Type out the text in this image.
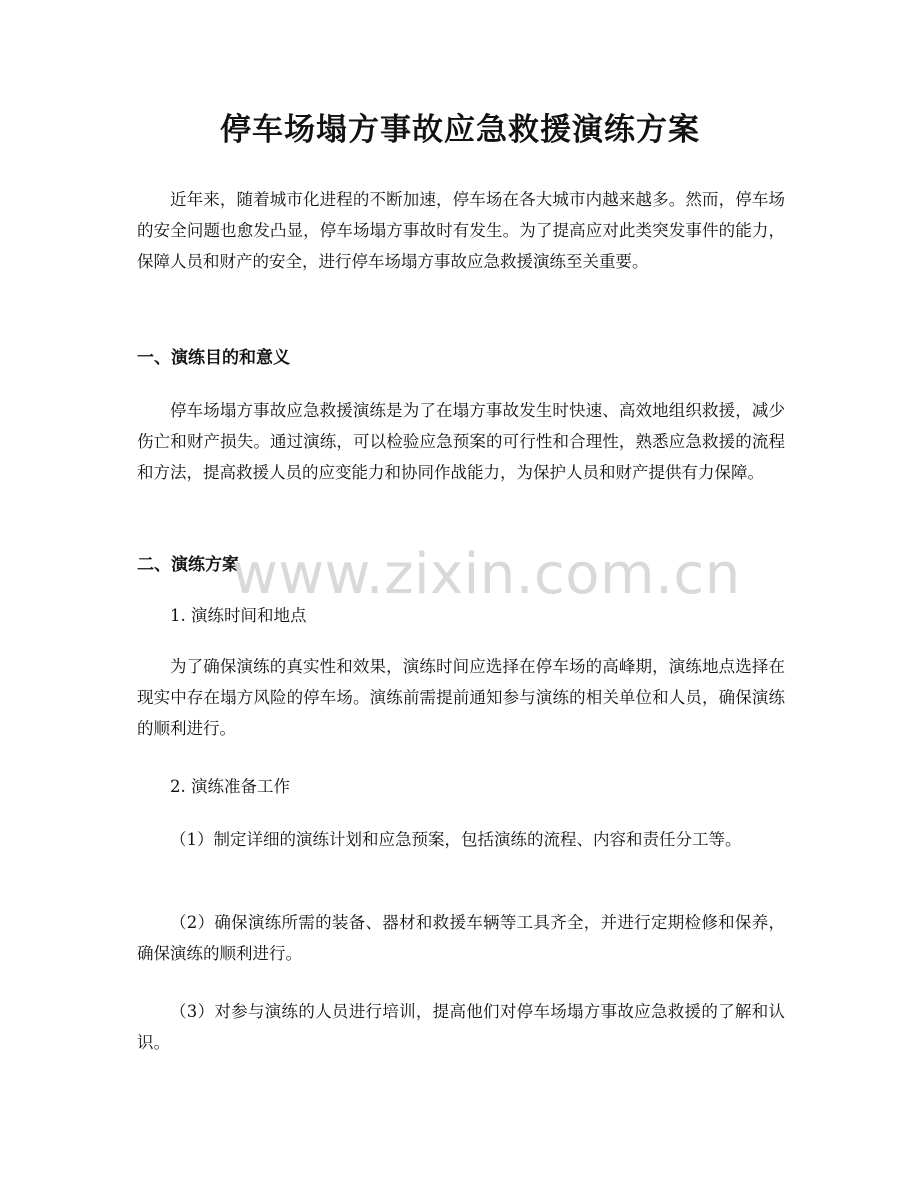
停车场塌方事故应急救援演练方案

近年来，随着城市化进程的不断加速，停车场在各大城市内越来越多。然而，停车场的安全问题也愈发凸显，停车场塌方事故时有发生。为了提高应对此类突发事件的能力，保障人员和财产的安全，进行停车场塌方事故应急救援演练至关重要。

一、演练目的和意义

停车场塌方事故应急救援演练是为了在塌方事故发生时快速、高效地组织救援，减少伤亡和财产损失。通过演练，可以检验应急预案的可行性和合理性，熟悉应急救援的流程和方法，提高救援人员的应变能力和协同作战能力，为保护人员和财产提供有力保障。

二、演练方案

1. 演练时间和地点

为了确保演练的真实性和效果，演练时间应选择在停车场的高峰期，演练地点选择在现实中存在塌方风险的停车场。演练前需提前通知参与演练的相关单位和人员，确保演练的顺利进行。

2. 演练准备工作

（1）制定详细的演练计划和应急预案，包括演练的流程、内容和责任分工等。

（2）确保演练所需的装备、器材和救援车辆等工具齐全，并进行定期检修和保养，确保演练的顺利进行。

（3）对参与演练的人员进行培训，提高他们对停车场塌方事故应急救援的了解和认识。

www.zixin.com.cn
